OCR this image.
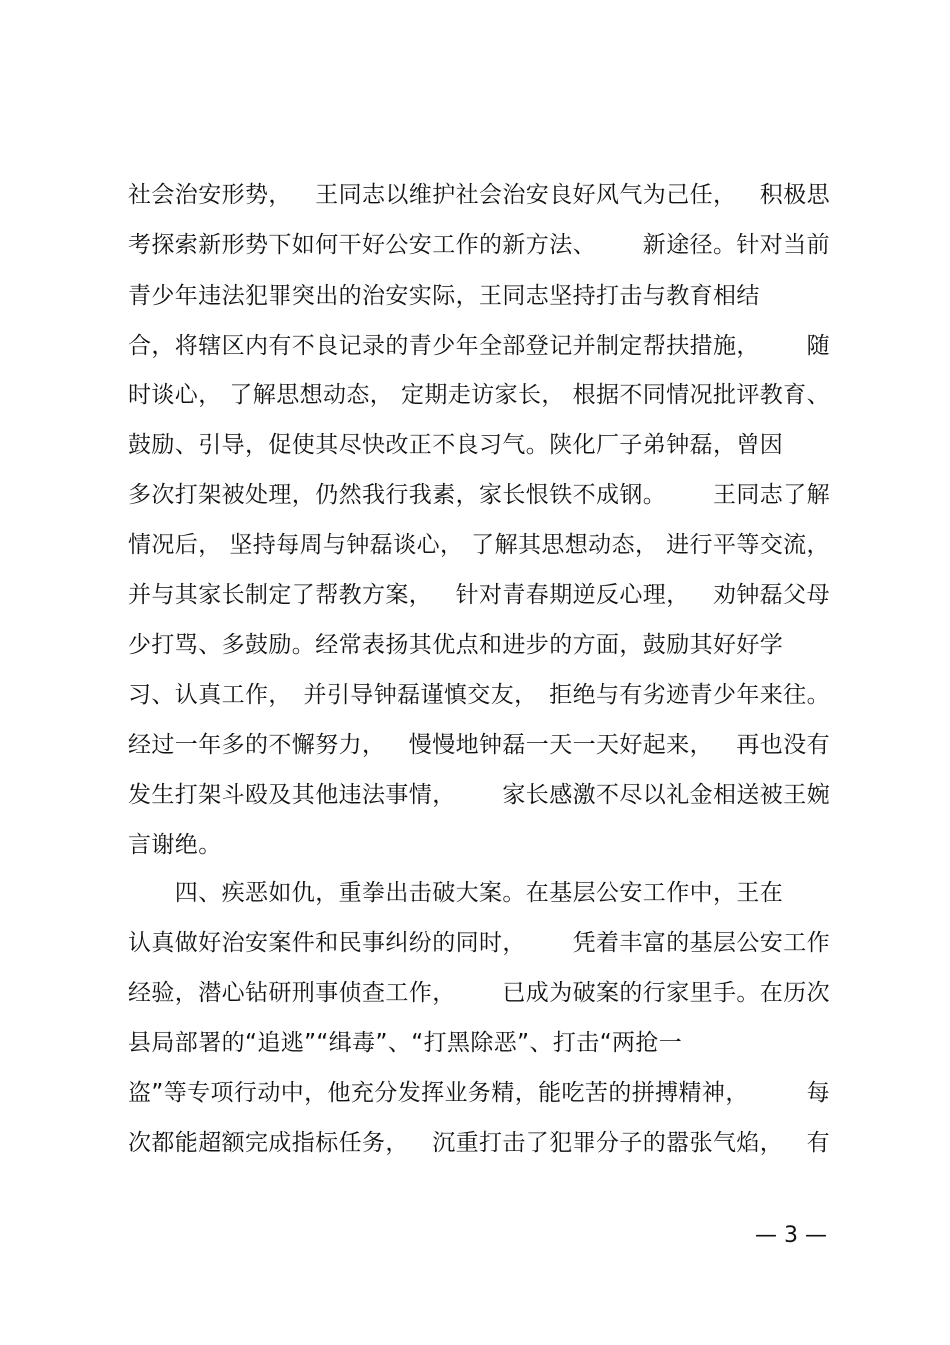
社会治安形势， 王同志以维护社会治安良好风气为己任， 积极思
考探索新形势下如何干好公安工作的新方法、 新途径。针对当前
青少年违法犯罪突出的治安实际，王同志坚持打击与教育相结
合，将辖区内有不良记录的青少年全部登记并制定帮扶措施， 随
时谈心， 了解思想动态， 定期走访家长， 根据不同情况批评教育、
鼓励、引导，促使其尽快改正不良习气。陕化厂子弟钟磊，曾因
多次打架被处理，仍然我行我素，家长恨铁不成钢。 王同志了解
情况后， 坚持每周与钟磊谈心， 了解其思想动态， 进行平等交流，
并与其家长制定了帮教方案， 针对青春期逆反心理， 劝钟磊父母
少打骂、多鼓励。经常表扬其优点和进步的方面，鼓励其好好学
习、认真工作， 并引导钟磊谨慎交友， 拒绝与有劣迹青少年来往。
经过一年多的不懈努力， 慢慢地钟磊一天一天好起来， 再也没有
发生打架斗殴及其他违法事情， 家长感激不尽以礼金相送被王婉
言谢绝。
　　四、疾恶如仇，重拳出击破大案。在基层公安工作中，王在
认真做好治安案件和民事纠纷的同时， 凭着丰富的基层公安工作
经验，潜心钻研刑事侦查工作， 已成为破案的行家里手。在历次
县局部署的“追逃”“缉毒”、“打黑除恶”、打击“两抢一
盗”等专项行动中，他充分发挥业务精，能吃苦的拼搏精神，	每
次都能超额完成指标任务， 沉重打击了犯罪分子的嚣张气焰， 有
— 3 —
